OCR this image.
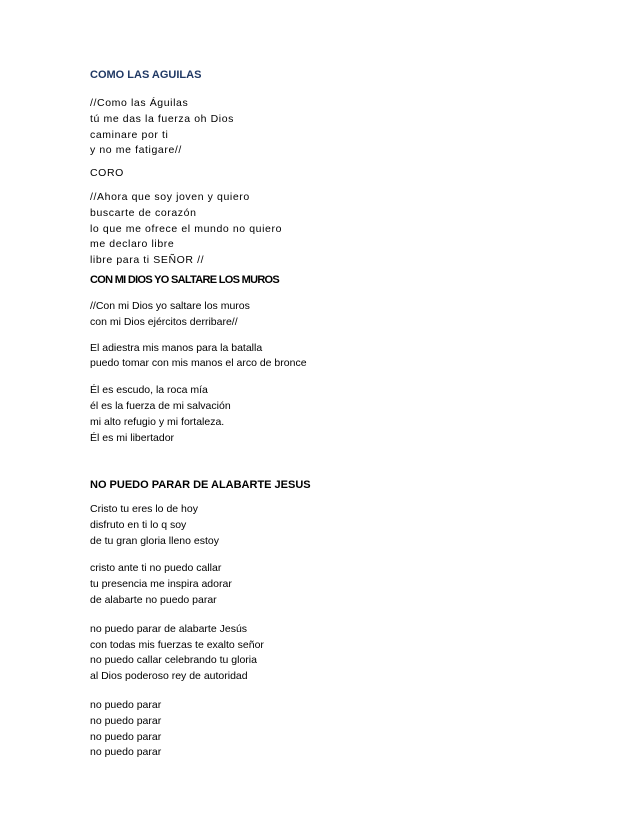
COMO LAS AGUILAS
//Como las Águilas
tú me das la fuerza oh Dios
caminare por ti
y no me fatigare//
CORO
//Ahora que soy joven y quiero
buscarte de corazón
lo que me ofrece el mundo no quiero
me declaro libre
libre para ti SEÑOR //
CON MI DIOS YO SALTARE LOS MUROS
//Con mi Dios yo saltare los muros
con mi Dios ejércitos derribare//
El adiestra mis manos para la batalla
puedo tomar con mis manos el arco de bronce
Él es escudo, la roca mía
él es la fuerza de mi salvación
mi alto refugio y mi fortaleza.
Él es mi libertador
NO PUEDO PARAR DE ALABARTE JESUS
Cristo tu eres lo de hoy
disfruto en ti lo q soy
de tu gran gloria lleno estoy
cristo ante ti no puedo callar
tu presencia me inspira adorar
de alabarte no puedo parar
no puedo parar de alabarte Jesús
con todas mis fuerzas te exalto señor
no puedo callar celebrando tu gloria
al Dios poderoso rey de autoridad
no puedo parar
no puedo parar
no puedo parar
no puedo parar
